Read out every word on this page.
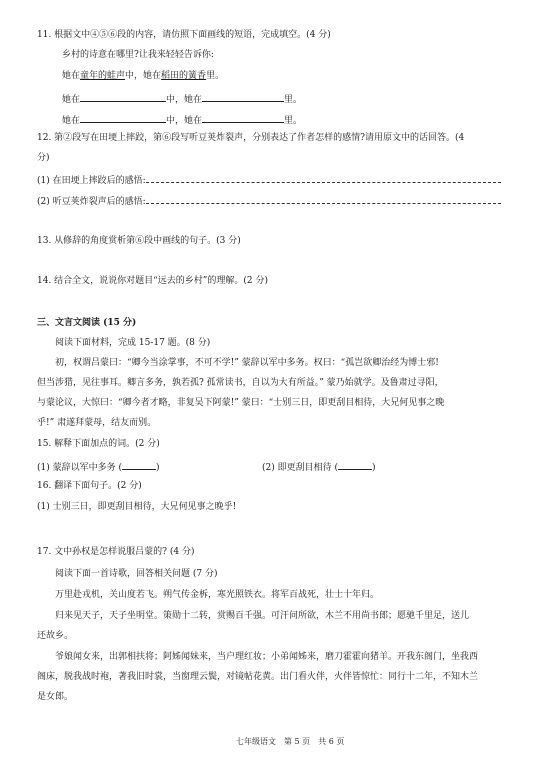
11. 根据文中④⑤⑥段的内容，请仿照下面画线的短语，完成填空。(4 分)
乡村的诗意在哪里?让我来轻轻告诉你:
她在童年的蛙声中，她在稻田的簧香里。
她在	中，她在	里。
她在	中，她在	里。
12. 第②段写在田埂上摔跤，第⑥段写听豆荚炸裂声，分别表达了作者怎样的感情?请用原文中的话回答。(4
分)
(1) 在田埂上摔跤后的感悟:
(2) 听豆荚炸裂声后的感悟:
13. 从修辞的角度赏析第⑥段中画线的句子。(3 分)
14. 结合全文，说说你对题目“远去的乡村”的理解。(2 分)
三、文言文阅读 (15 分)
阅读下面材料，完成 15-17 题。(8 分)
初，权谓吕蒙曰：“卿今当涂掌事，不可不学!” 蒙辞以军中多务。权曰：“孤岂欲卿治经为博士邪!
但当涉猎，见往事耳。卿言多务，孰若孤? 孤常读书，自以为大有所益。” 蒙乃始就学。及鲁肃过寻阳，
与蒙论议，大惊曰：“卿今者才略，非复吴下阿蒙!” 蒙曰：“士别三日，即更刮目相待，大兄何见事之晚
乎!” 肃遂拜蒙母，结友而别。
15. 解释下面加点的词。(2 分)
(1) 蒙辞以军中多务 (	)	(2) 即更刮目相待 (	)
16. 翻译下面句子。(2 分)
(1) 士别三日，即更刮目相待，大兄何见事之晚乎!
17. 文中孙权是怎样说服吕蒙的? (4 分)
阅读下面一首诗歌，回答相关问题 (7 分)
万里赴戎机，关山度若飞。朔气传金柝，寒光照铁衣。将军百战死，壮士十年归。
归来见天子，天子坐明堂。策勋十二转，赏赐百千强。可汗问所欲，木兰不用尚书郎；愿驰千里足，送儿
还故乡。
爷娘闻女来，出郭相扶将；阿姊闻妹来，当户理红妆；小弟闻姊来，磨刀霍霍向猪羊。开我东阁门，坐我西
阁床，脱我战时袍，著我旧时裳，当窗理云鬓，对镜帖花黄。出门看火伴，火伴皆惊忙：同行十二年，不知木兰
是女郎。
七年级语文　第 5 页　共 6 页
